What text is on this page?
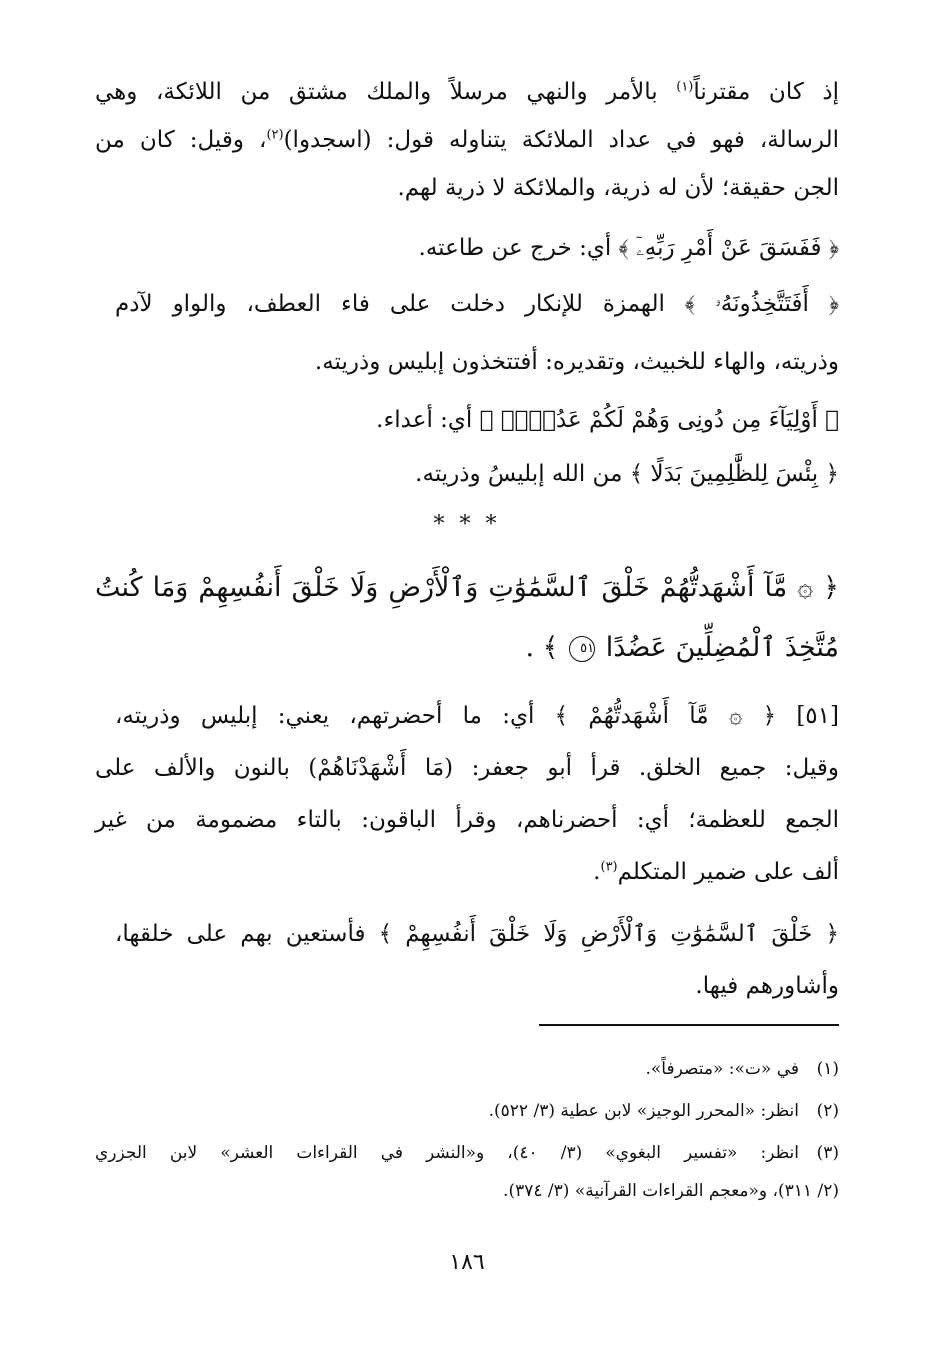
إذ كان مقترناً$^{(١)}$ بالأمر والنهي مرسلاً والملك مشتق من اللائكة، وهي
الرسالة، فهو في عداد الملائكة يتناوله قول: (اسجدوا)$^{(٢)}$، وقيل: كان من
الجن حقيقة؛ لأن له ذرية، والملائكة لا ذرية لهم.
﴿ فَفَسَقَ عَنْ أَمْرِ رَبِّهِۦٓ ﴾ أي: خرج عن طاعته.
﴿ أَفَتَتَّخِذُونَهُۥ ﴾ الهمزة للإنكار دخلت على فاء العطف، والواو لآدم
وذريته، والهاء للخبيث، وتقديره: أفتتخذون إبليس وذريته.
﴿ أَوْلِيَآءَ مِن دُونِى وَهُمْ لَكُمْ عَدُوٌّۢ ﴾ أي: أعداء.
﴿ بِئْسَ لِلظَّٰلِمِينَ بَدَلًا ﴾ من الله إبليسُ وذريته.
* * *
﴿ ۞ مَّآ أَشْهَدتُّهُمْ خَلْقَ ٱلسَّمَٰوَٰتِ وَٱلْأَرْضِ وَلَا خَلْقَ أَنفُسِهِمْ وَمَا كُنتُ
مُتَّخِذَ ٱلْمُضِلِّينَ عَضُدًا ٥١ ﴾ .
[٥١] ﴿ ۞ مَّآ أَشْهَدتُّهُمْ ﴾ أي: ما أحضرتهم، يعني: إبليس وذريته،
وقيل: جميع الخلق. قرأ أبو جعفر: (مَا أَشْهَدْنَاهُمْ) بالنون والألف على
الجمع للعظمة؛ أي: أحضرناهم، وقرأ الباقون: بالتاء مضمومة من غير
ألف على ضمير المتكلم$^{(٣)}$.
﴿ خَلْقَ ٱلسَّمَٰوَٰتِ وَٱلْأَرْضِ وَلَا خَلْقَ أَنفُسِهِمْ ﴾ فأستعين بهم على خلقها،
وأشاورهم فيها.
(١)في «ت»: «متصرفاً».
(٢)انظر: «المحرر الوجيز» لابن عطية (٣/ ٥٢٢).
(٣)انظر: «تفسير البغوي» (٣/ ٤٠)، و«النشر في القراءات العشر» لابن الجزري
(٢/ ٣١١)، و«معجم القراءات القرآنية» (٣/ ٣٧٤).
١٨٦
